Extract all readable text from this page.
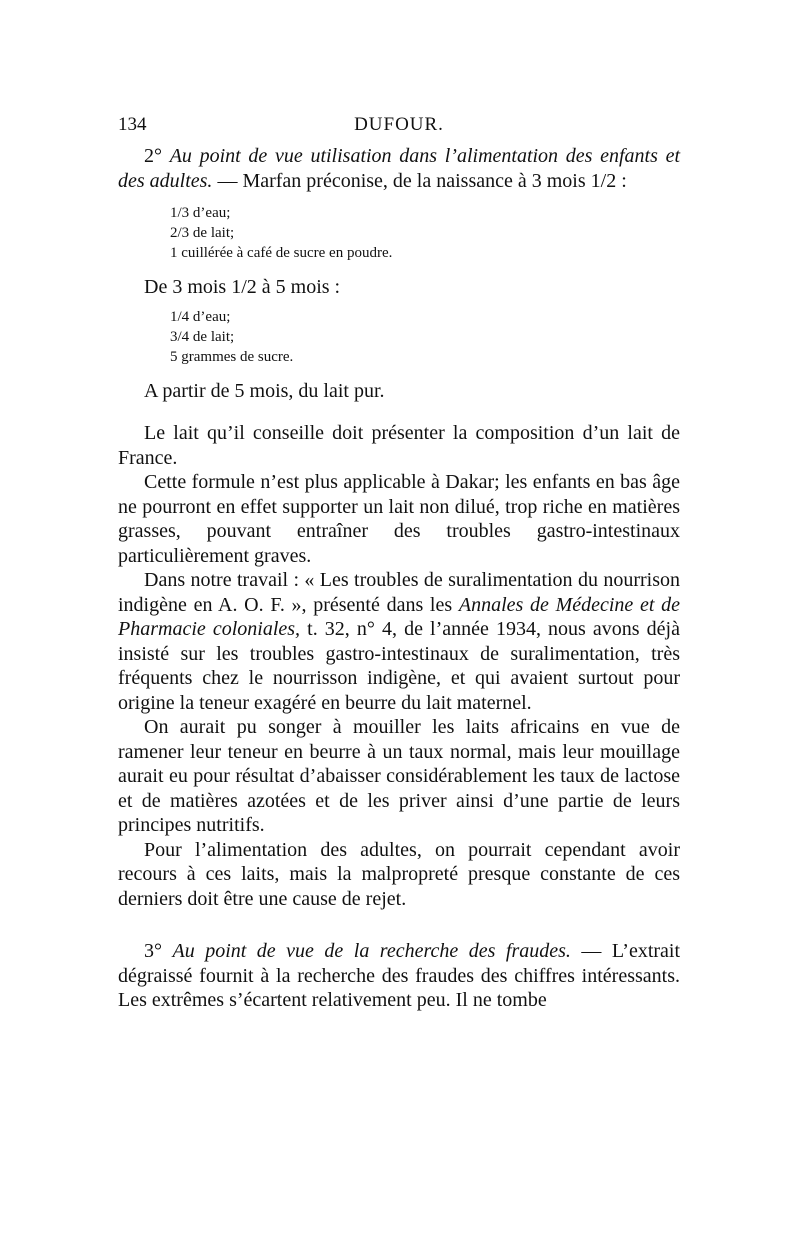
134	DUFOUR.

2° Au point de vue utilisation dans l’alimentation des enfants et des adultes. — Marfan préconise, de la naissance à 3 mois 1/2 :

1/3 d’eau;
2/3 de lait;
1 cuillérée à café de sucre en poudre.

De 3 mois 1/2 à 5 mois :

1/4 d’eau;
3/4 de lait;
5 grammes de sucre.

A partir de 5 mois, du lait pur.

Le lait qu’il conseille doit présenter la composition d’un lait de France.

Cette formule n’est plus applicable à Dakar; les enfants en bas âge ne pourront en effet supporter un lait non dilué, trop riche en matières grasses, pouvant entraîner des troubles gastro-intestinaux particulièrement graves.

Dans notre travail : « Les troubles de suralimentation du nourrison indigène en A. O. F. », présenté dans les Annales de Médecine et de Pharmacie coloniales, t. 32, n° 4, de l’année 1934, nous avons déjà insisté sur les troubles gastro-intestinaux de suralimentation, très fréquents chez le nourrisson indigène, et qui avaient surtout pour origine la teneur exagéré en beurre du lait maternel.

On aurait pu songer à mouiller les laits africains en vue de ramener leur teneur en beurre à un taux normal, mais leur mouillage aurait eu pour résultat d’abaisser considérablement les taux de lactose et de matières azotées et de les priver ainsi d’une partie de leurs principes nutritifs.

Pour l’alimentation des adultes, on pourrait cependant avoir recours à ces laits, mais la malpropreté presque constante de ces derniers doit être une cause de rejet.

3° Au point de vue de la recherche des fraudes. — L’extrait dégraissé fournit à la recherche des fraudes des chiffres intéressants. Les extrêmes s’écartent relativement peu. Il ne tombe
